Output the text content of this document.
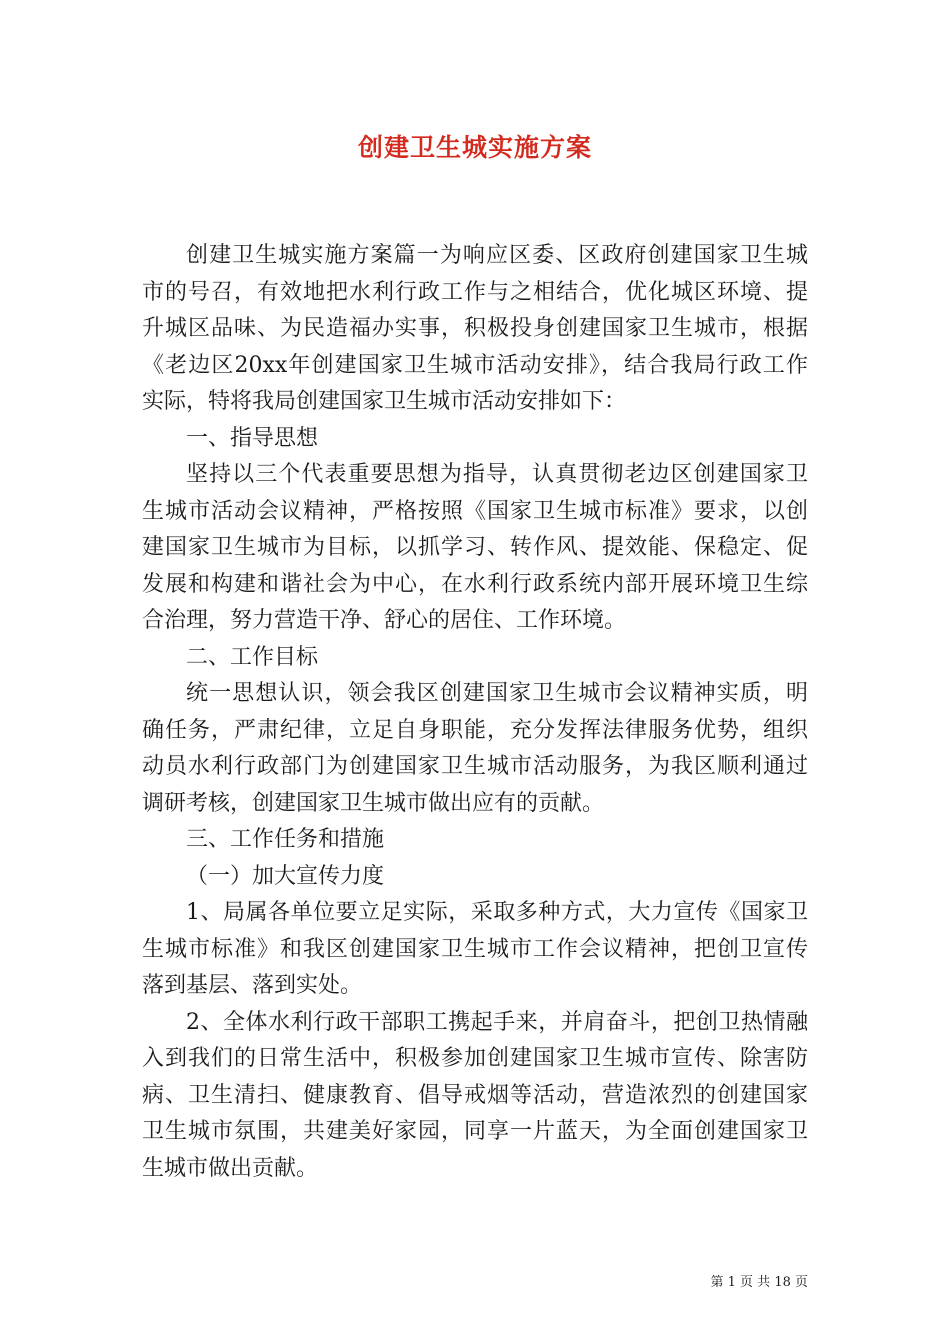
创建卫生城实施方案
创建卫生城实施方案篇一为响应区委、区政府创建国家卫生城
市的号召，有效地把水利行政工作与之相结合，优化城区环境、提
升城区品味、为民造福办实事，积极投身创建国家卫生城市，根据
《老边区20xx年创建国家卫生城市活动安排》，结合我局行政工作
实际，特将我局创建国家卫生城市活动安排如下：
一、指导思想
坚持以三个代表重要思想为指导，认真贯彻老边区创建国家卫
生城市活动会议精神，严格按照《国家卫生城市标准》要求，以创
建国家卫生城市为目标，以抓学习、转作风、提效能、保稳定、促
发展和构建和谐社会为中心，在水利行政系统内部开展环境卫生综
合治理，努力营造干净、舒心的居住、工作环境。
二、工作目标
统一思想认识，领会我区创建国家卫生城市会议精神实质，明
确任务，严肃纪律，立足自身职能，充分发挥法律服务优势，组织
动员水利行政部门为创建国家卫生城市活动服务，为我区顺利通过
调研考核，创建国家卫生城市做出应有的贡献。
三、工作任务和措施
（一）加大宣传力度
1、局属各单位要立足实际，采取多种方式，大力宣传《国家卫
生城市标准》和我区创建国家卫生城市工作会议精神，把创卫宣传
落到基层、落到实处。
2、全体水利行政干部职工携起手来，并肩奋斗，把创卫热情融
入到我们的日常生活中，积极参加创建国家卫生城市宣传、除害防
病、卫生清扫、健康教育、倡导戒烟等活动，营造浓烈的创建国家
卫生城市氛围，共建美好家园，同享一片蓝天，为全面创建国家卫
生城市做出贡献。
第 1 页 共 18 页
